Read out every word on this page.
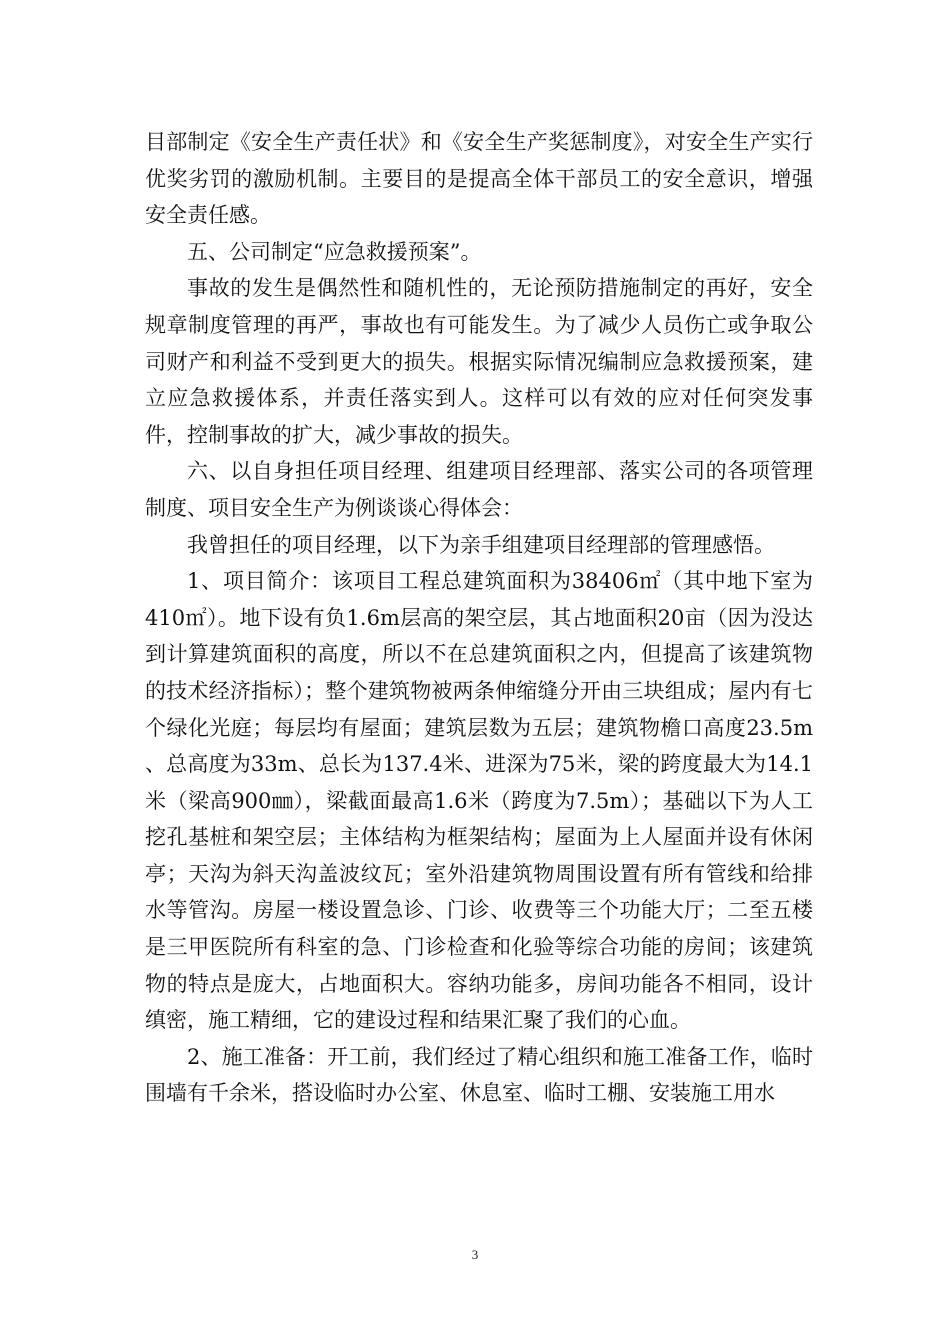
目部制定《安全生产责任状》和《安全生产奖惩制度》，对安全生产实行优奖劣罚的激励机制。主要目的是提高全体干部员工的安全意识，增强安全责任感。

五、公司制定“应急救援预案”。

事故的发生是偶然性和随机性的，无论预防措施制定的再好，安全规章制度管理的再严，事故也有可能发生。为了减少人员伤亡或争取公司财产和利益不受到更大的损失。根据实际情况编制应急救援预案，建立应急救援体系，并责任落实到人。这样可以有效的应对任何突发事件，控制事故的扩大，减少事故的损失。

六、以自身担任项目经理、组建项目经理部、落实公司的各项管理制度、项目安全生产为例谈谈心得体会：

我曾担任的项目经理，以下为亲手组建项目经理部的管理感悟。

1、项目简介：该项目工程总建筑面积为38406㎡（其中地下室为410㎡）。地下设有负1.6m层高的架空层，其占地面积20亩（因为没达到计算建筑面积的高度，所以不在总建筑面积之内，但提高了该建筑物的技术经济指标）；整个建筑物被两条伸缩缝分开由三块组成；屋内有七个绿化光庭；每层均有屋面；建筑层数为五层；建筑物檐口高度23.5m 、总高度为33m、总长为137.4米、进深为75米，梁的跨度最大为14.1米（梁高900㎜），梁截面最高1.6米（跨度为7.5m）；基础以下为人工挖孔基桩和架空层；主体结构为框架结构；屋面为上人屋面并设有休闲亭；天沟为斜天沟盖波纹瓦；室外沿建筑物周围设置有所有管线和给排水等管沟。房屋一楼设置急诊、门诊、收费等三个功能大厅；二至五楼是三甲医院所有科室的急、门诊检查和化验等综合功能的房间；该建筑物的特点是庞大，占地面积大。容纳功能多，房间功能各不相同，设计缜密，施工精细，它的建设过程和结果汇聚了我们的心血。

2、施工准备：开工前，我们经过了精心组织和施工准备工作，临时围墙有千余米，搭设临时办公室、休息室、临时工棚、安装施工用水

3
